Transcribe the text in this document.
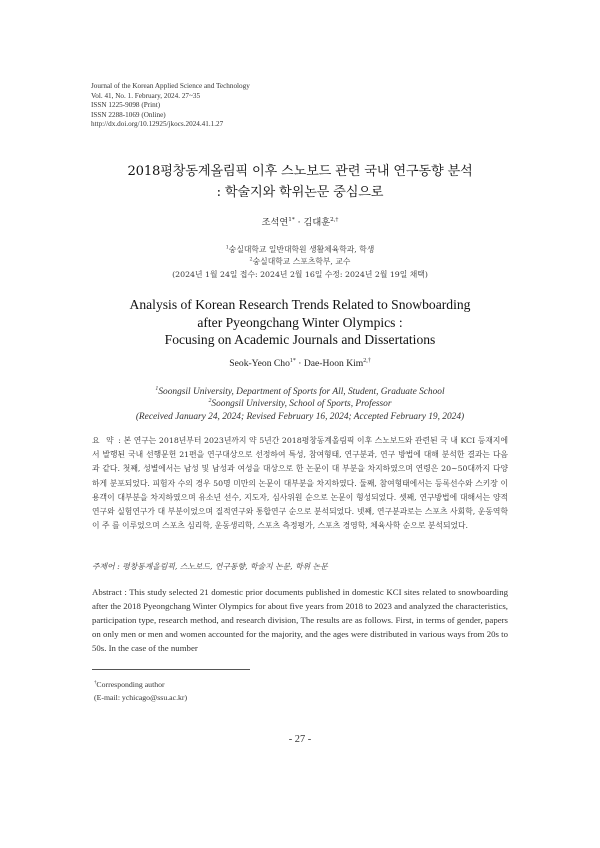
Journal of the Korean Applied Science and Technology
Vol. 41, No. 1. February, 2024. 27~35
ISSN 1225-9098 (Print)
ISSN 2288-1069 (Online)
http://dx.doi.org/10.12925/jkocs.2024.41.1.27
2018평창동계올림픽 이후 스노보드 관련 국내 연구동향 분석
: 학술지와 학위논문 중심으로
조석연$^{1*}$ · 김대훈$^{2,\dagger}$
$^1$숭실대학교 일반대학원 생활체육학과, 학생
$^2$숭실대학교 스포츠학부, 교수
(2024년 1월 24일 접수: 2024년 2월 16일 수정: 2024년 2월 19일 채택)
Analysis of Korean Research Trends Related to Snowboarding
after Pyeongchang Winter Olympics :
Focusing on Academic Journals and Dissertations
Seok-Yeon Cho$^{1*}$ · Dae-Hoon Kim$^{2,\dagger}$
$^1$Soongsil University, Department of Sports for All, Student, Graduate School
$^2$Soongsil University, School of Sports, Professor
(Received January 24, 2024; Revised February 16, 2024; Accepted February 19, 2024)
요 약 : 본 연구는 2018년부터 2023년까지 약 5년간 2018평창동계올림픽 이후 스노보드와 관련된 국 내 KCI 등재지에서 발행된 국내 선행문헌 21편을 연구대상으로 선정하여 특성, 참여형태, 연구분과, 연구 방법에 대해 분석한 결과는 다음과 같다. 첫째, 성별에서는 남성 및 남성과 여성을 대상으로 한 논문이 대 부분을 차지하였으며 연령은 20~50대까지 다양하게 분포되었다. 피험자 수의 경우 50명 미만의 논문이 대부분을 차지하였다. 둘째, 참여형태에서는 등록선수와 스키장 이용객이 대부분을 차지하였으며 유소년 선수, 지도자, 심사위원 순으로 논문이 형성되었다. 셋째, 연구방법에 대해서는 양적연구와 실험연구가 대 부분이었으며 질적연구와 통합연구 순으로 분석되었다. 넷째, 연구분과로는 스포츠 사회학, 운동역학이 주 를 이루었으며 스포츠 심리학, 운동생리학, 스포츠 측정평가, 스포츠 경영학, 체육사학 순으로 분석되었다.
주제어 : 평창동계올림픽, 스노보드, 연구동향, 학술지 논문, 학위 논문
Abstract : This study selected 21 domestic prior documents published in domestic KCI sites related to snowboarding after the 2018 Pyeongchang Winter Olympics for about five years from 2018 to 2023 and analyzed the characteristics, participation type, research method, and research division, The results are as follows. First, in terms of gender, papers on only men or men and women accounted for the majority, and the ages were distributed in various ways from 20s to 50s. In the case of the number
†Corresponding author
(E-mail: ychicago@ssu.ac.kr)
- 27 -
